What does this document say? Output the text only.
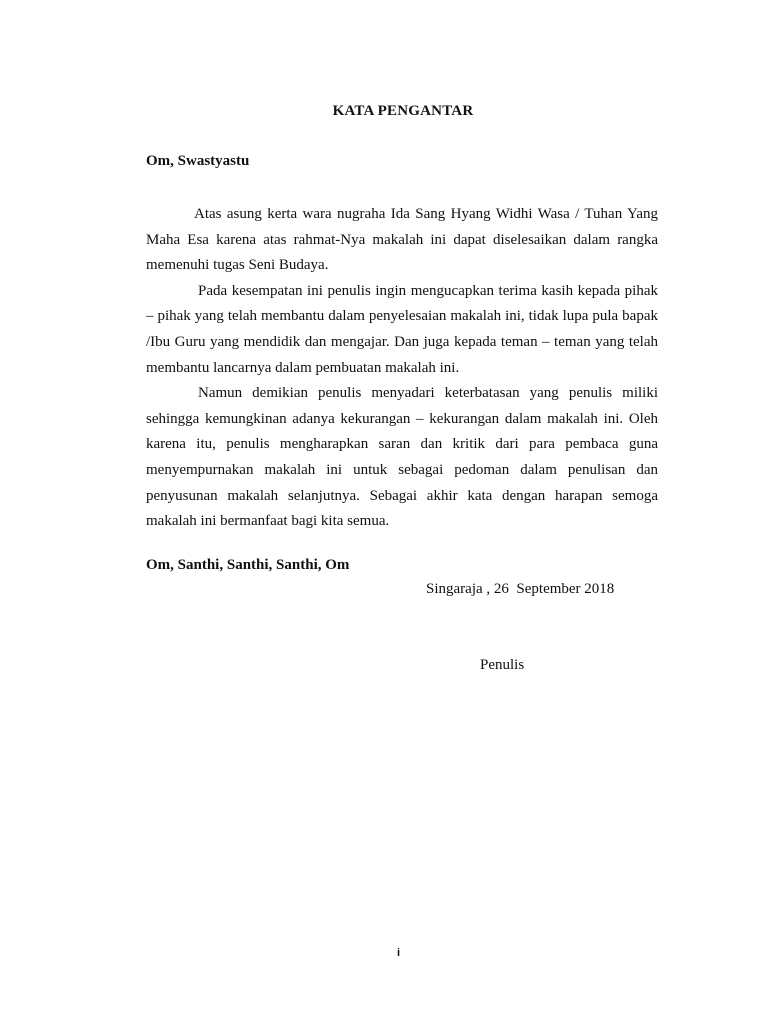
KATA PENGANTAR
Om, Swastyastu

Atas asung kerta wara nugraha Ida Sang Hyang Widhi Wasa / Tuhan Yang Maha Esa karena atas rahmat-Nya makalah ini dapat diselesaikan dalam rangka memenuhi tugas Seni Budaya.

Pada kesempatan ini penulis ingin mengucapkan terima kasih kepada pihak – pihak yang telah membantu dalam penyelesaian makalah ini, tidak lupa pula bapak /Ibu Guru yang mendidik dan mengajar. Dan juga kepada teman – teman yang telah membantu lancarnya dalam pembuatan makalah ini.

Namun demikian penulis menyadari keterbatasan yang penulis miliki sehingga kemungkinan adanya kekurangan – kekurangan dalam makalah ini. Oleh karena itu, penulis mengharapkan saran dan kritik dari para pembaca guna menyempurnakan makalah ini untuk sebagai pedoman dalam penulisan dan penyusunan makalah selanjutnya. Sebagai akhir kata dengan harapan semoga makalah ini bermanfaat bagi kita semua.

Om, Santhi, Santhi, Santhi, Om
Singaraja , 26  September 2018
Penulis
i
